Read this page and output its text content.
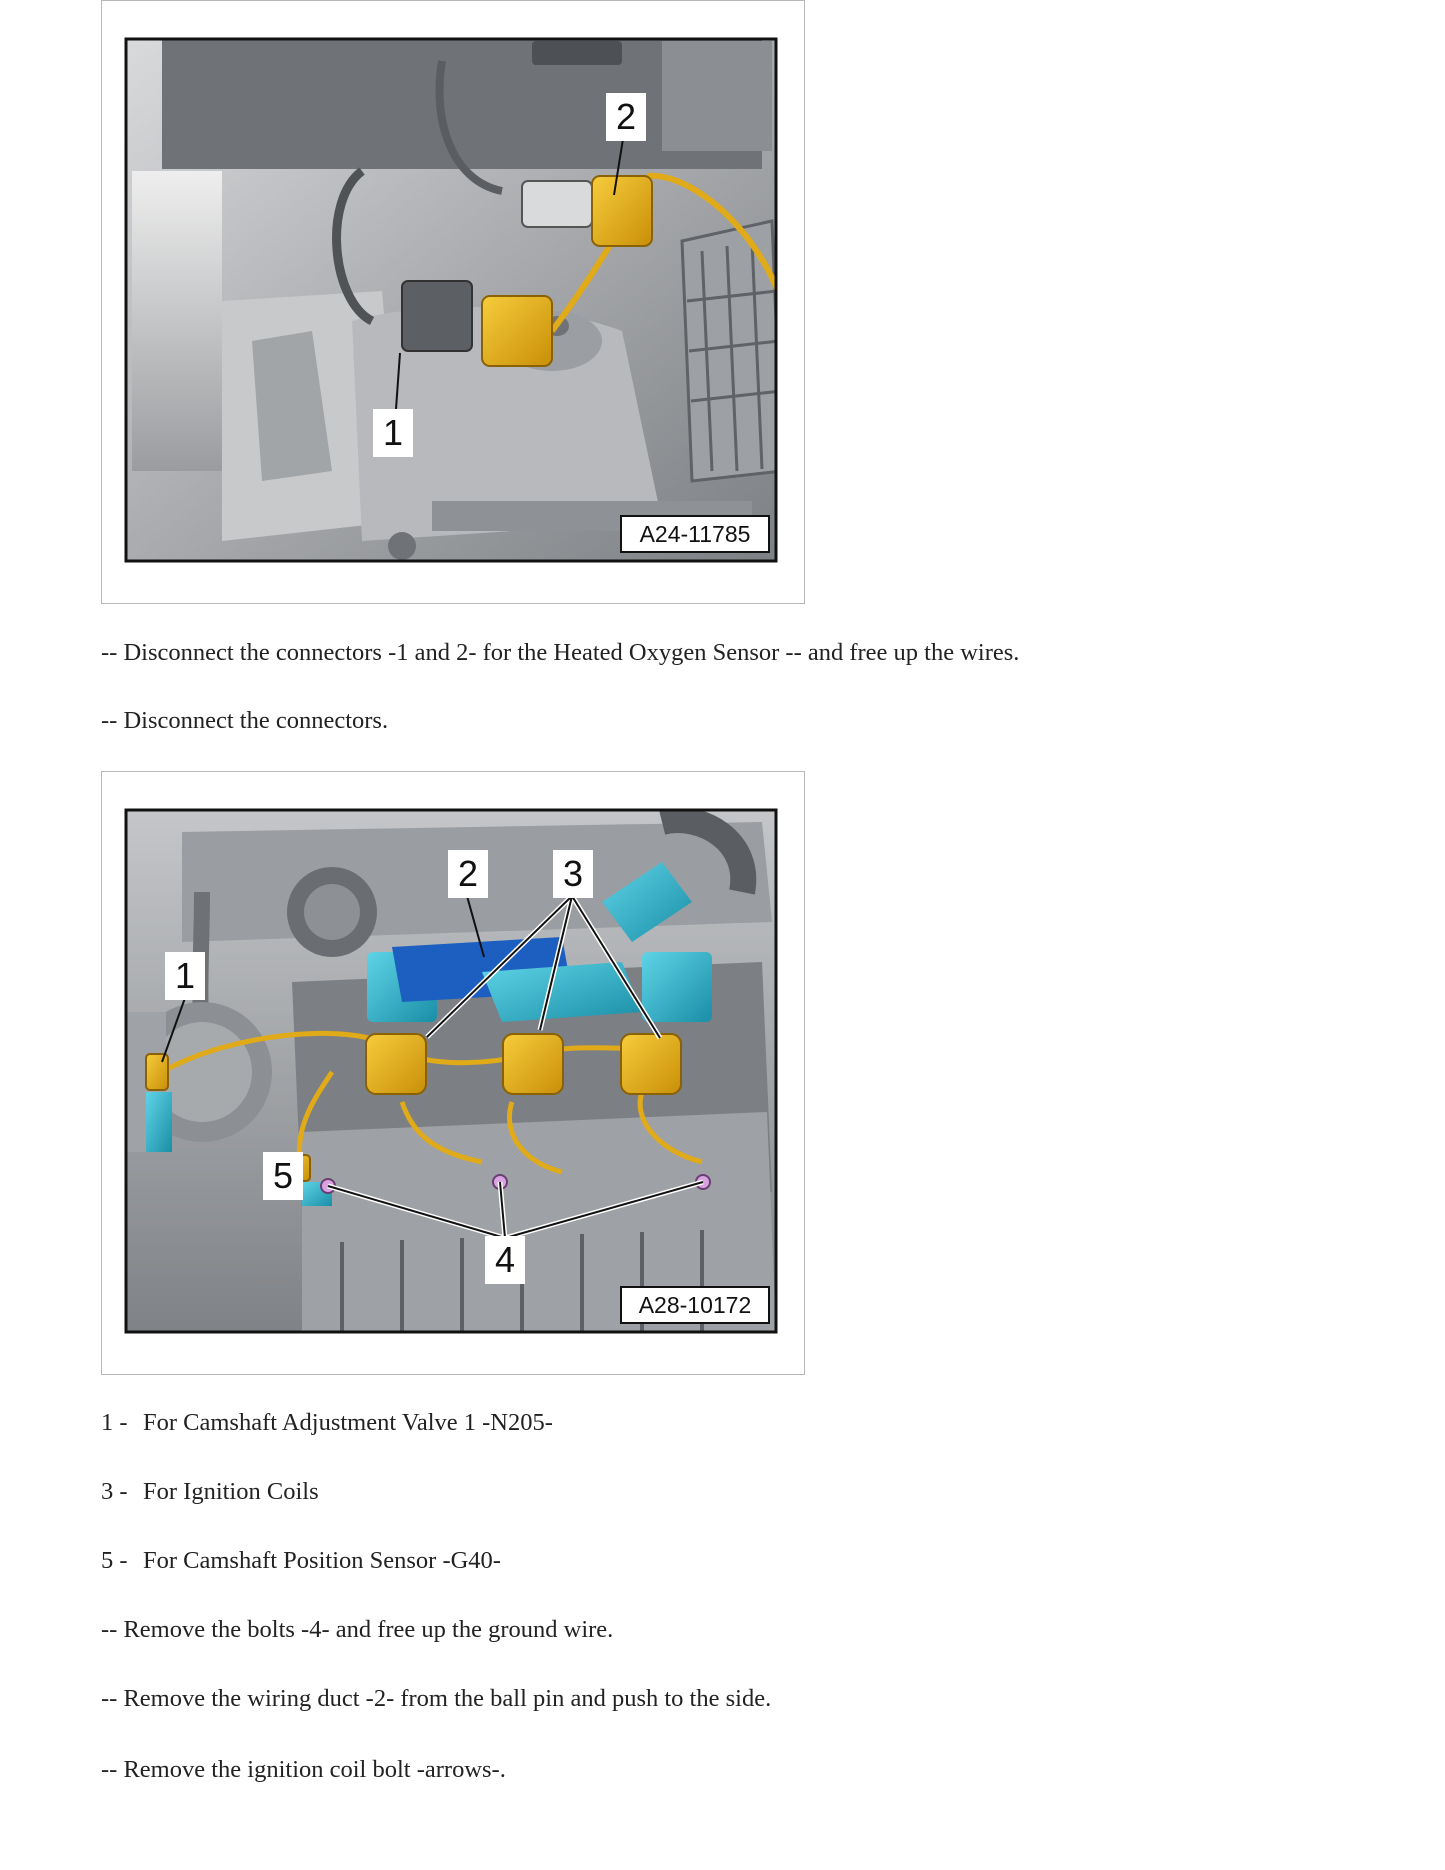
2
1
A24-11785

-- Disconnect the connectors -1 and 2- for the Heated Oxygen Sensor -- and free up the wires.

-- Disconnect the connectors.

2 3
1
5
4
A28-10172

1 - For Camshaft Adjustment Valve 1 -N205-

3 - For Ignition Coils

5 - For Camshaft Position Sensor -G40-

-- Remove the bolts -4- and free up the ground wire.

-- Remove the wiring duct -2- from the ball pin and push to the side.

-- Remove the ignition coil bolt -arrows-.
